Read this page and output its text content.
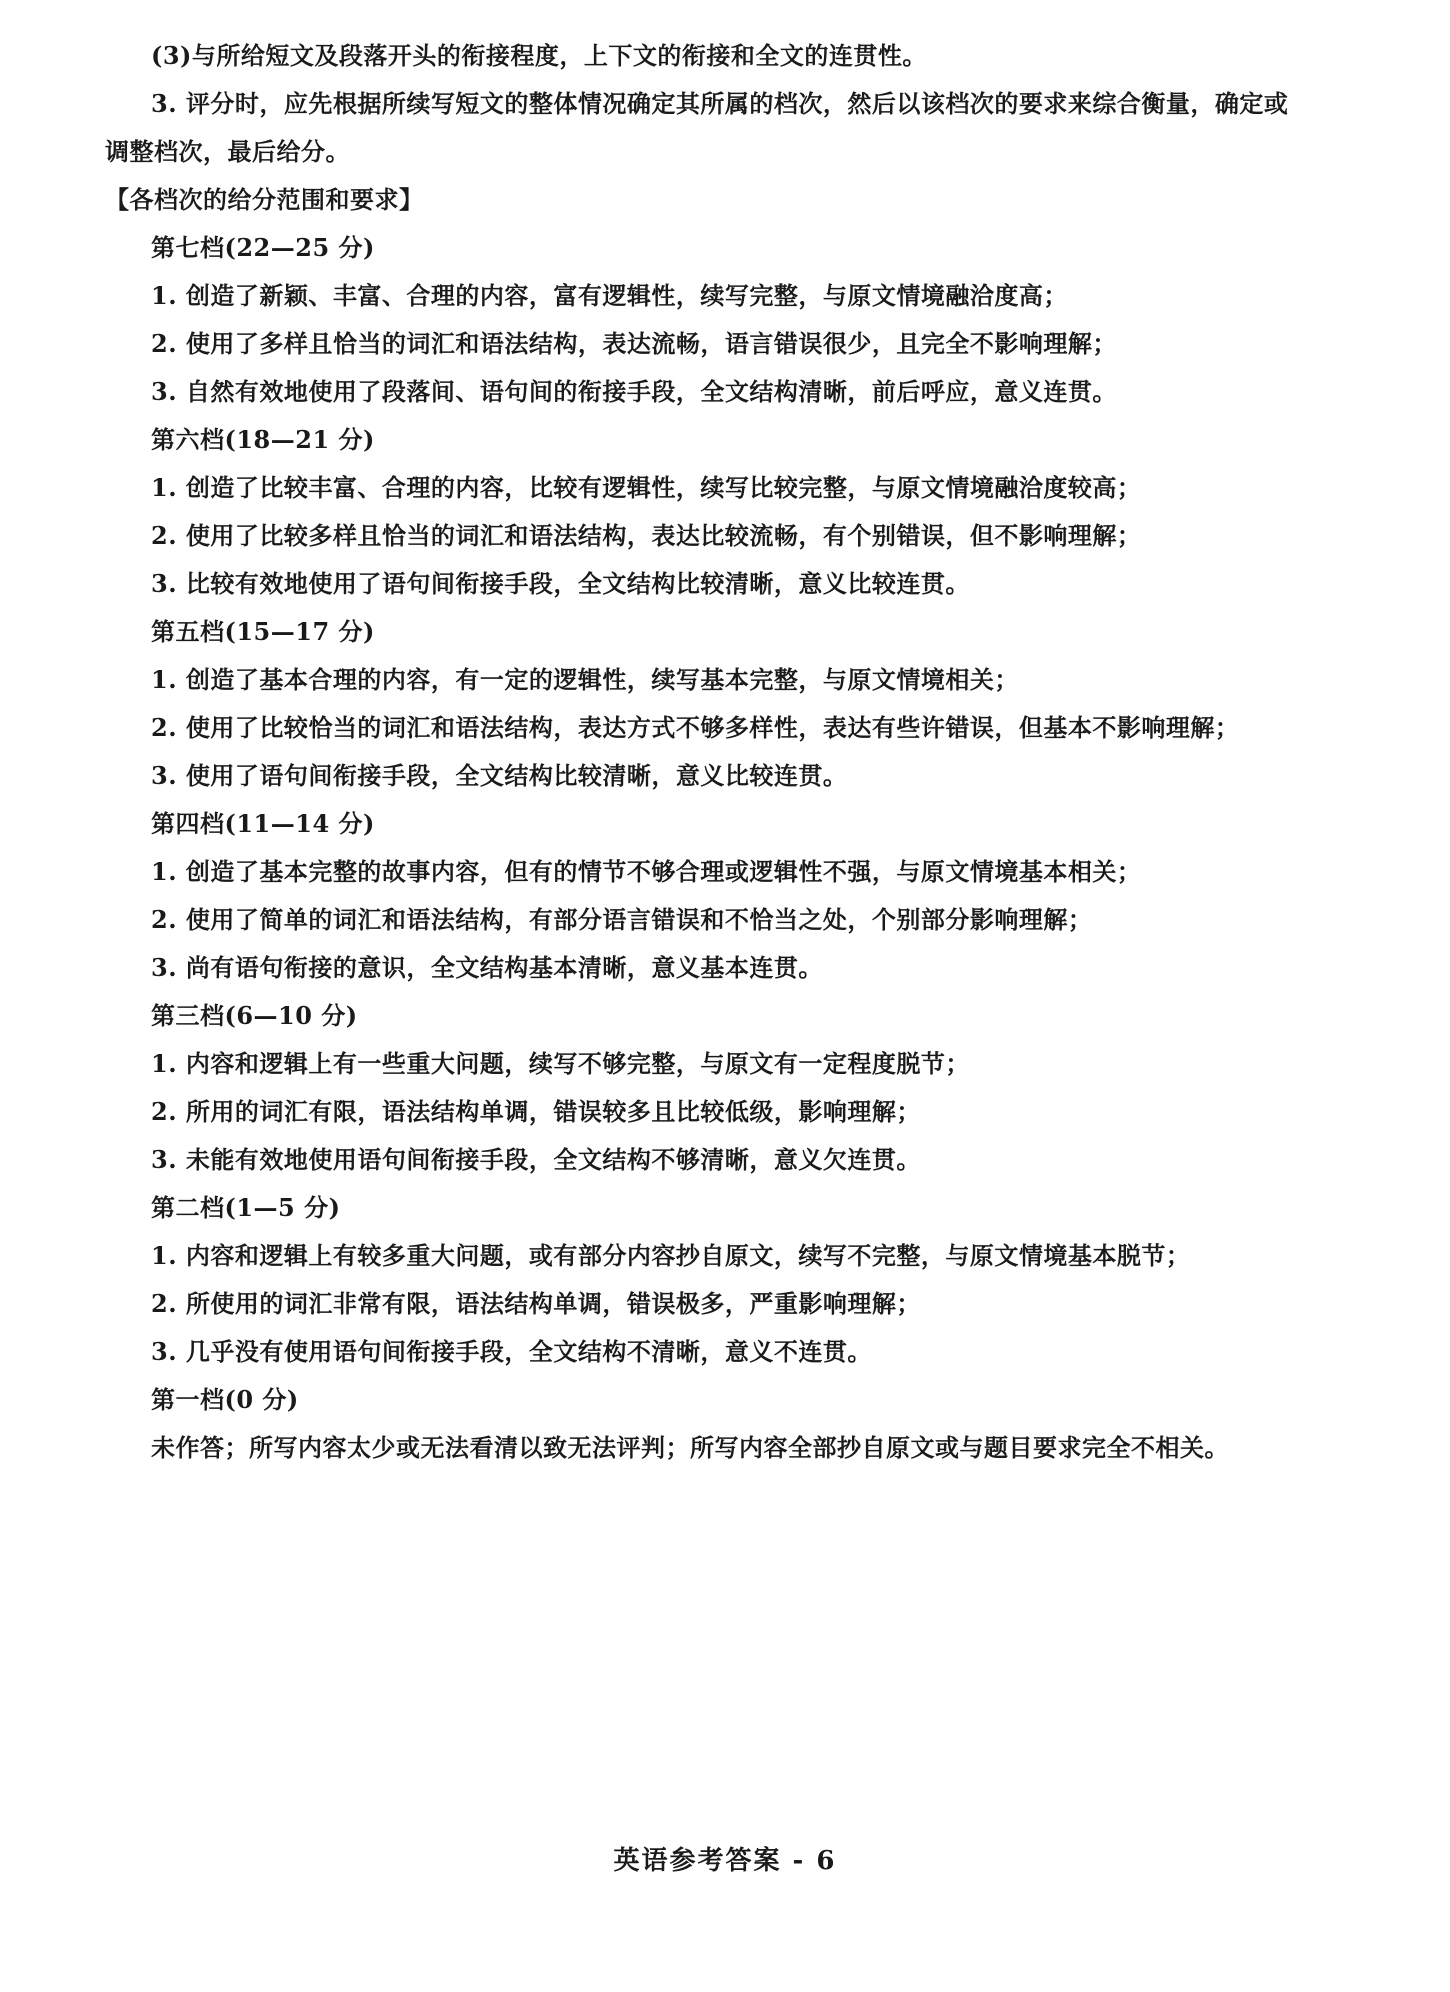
(3)与所给短文及段落开头的衔接程度，上下文的衔接和全文的连贯性。
3. 评分时，应先根据所续写短文的整体情况确定其所属的档次，然后以该档次的要求来综合衡量，确定或
调整档次，最后给分。
【各档次的给分范围和要求】
第七档(22—25 分)
1. 创造了新颖、丰富、合理的内容，富有逻辑性，续写完整，与原文情境融洽度高；
2. 使用了多样且恰当的词汇和语法结构，表达流畅，语言错误很少，且完全不影响理解；
3. 自然有效地使用了段落间、语句间的衔接手段，全文结构清晰，前后呼应，意义连贯。
第六档(18—21 分)
1. 创造了比较丰富、合理的内容，比较有逻辑性，续写比较完整，与原文情境融洽度较高；
2. 使用了比较多样且恰当的词汇和语法结构，表达比较流畅，有个别错误，但不影响理解；
3. 比较有效地使用了语句间衔接手段，全文结构比较清晰，意义比较连贯。
第五档(15—17 分)
1. 创造了基本合理的内容，有一定的逻辑性，续写基本完整，与原文情境相关；
2. 使用了比较恰当的词汇和语法结构，表达方式不够多样性，表达有些许错误，但基本不影响理解；
3. 使用了语句间衔接手段，全文结构比较清晰，意义比较连贯。
第四档(11—14 分)
1. 创造了基本完整的故事内容，但有的情节不够合理或逻辑性不强，与原文情境基本相关；
2. 使用了简单的词汇和语法结构，有部分语言错误和不恰当之处，个别部分影响理解；
3. 尚有语句衔接的意识，全文结构基本清晰，意义基本连贯。
第三档(6—10 分)
1. 内容和逻辑上有一些重大问题，续写不够完整，与原文有一定程度脱节；
2. 所用的词汇有限，语法结构单调，错误较多且比较低级，影响理解；
3. 未能有效地使用语句间衔接手段，全文结构不够清晰，意义欠连贯。
第二档(1—5 分)
1. 内容和逻辑上有较多重大问题，或有部分内容抄自原文，续写不完整，与原文情境基本脱节；
2. 所使用的词汇非常有限，语法结构单调，错误极多，严重影响理解；
3. 几乎没有使用语句间衔接手段，全文结构不清晰，意义不连贯。
第一档(0 分)
未作答；所写内容太少或无法看清以致无法评判；所写内容全部抄自原文或与题目要求完全不相关。
英语参考答案 - 6
